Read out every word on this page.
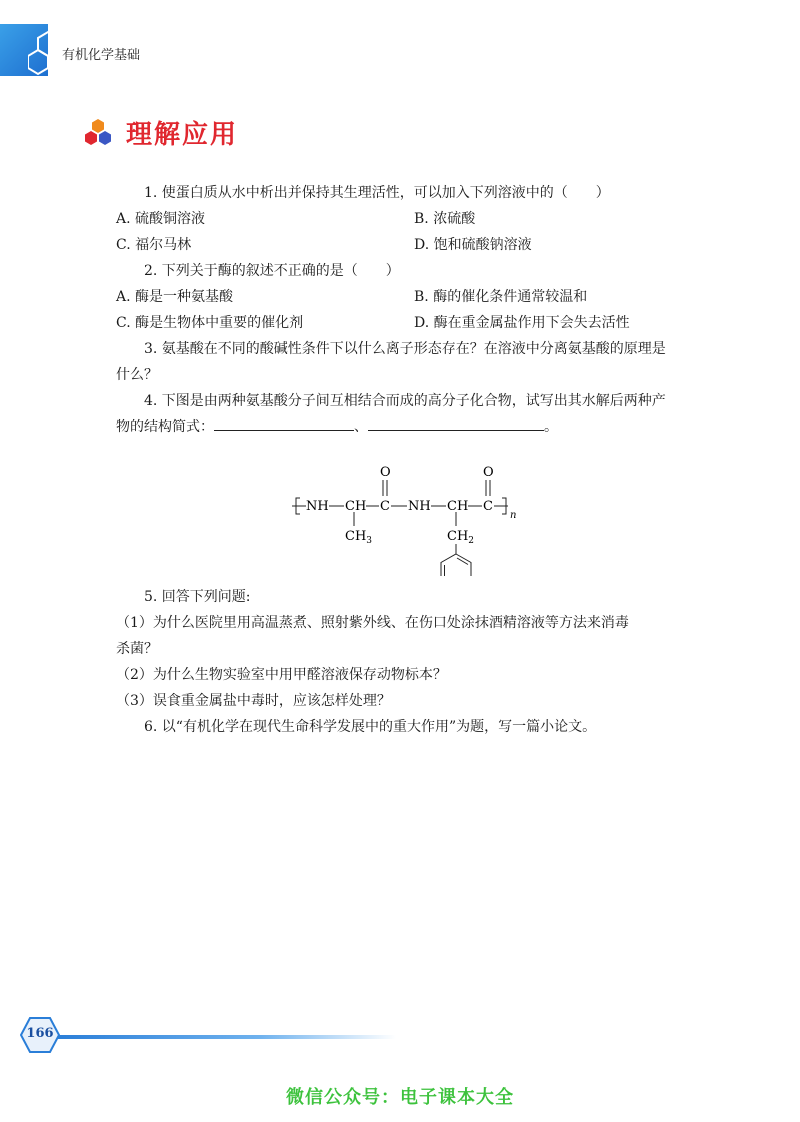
有机化学基础
理解应用

1. 使蛋白质从水中析出并保持其生理活性，可以加入下列溶液中的（　　）

A. 硫酸铜溶液	B. 浓硫酸
C. 福尔马林	D. 饱和硫酸钠溶液

2. 下列关于酶的叙述不正确的是（　　）

A. 酶是一种氨基酸	B. 酶的催化条件通常较温和
C. 酶是生物体中重要的催化剂	D. 酶在重金属盐作用下会失去活性

3. 氨基酸在不同的酸碱性条件下以什么离子形态存在？在溶液中分离氨基酸的原理是

什么？

4. 下图是由两种氨基酸分子间互相结合而成的高分子化合物，试写出其水解后两种产

物的结构简式：	、	。

NH CH C
O
$CH_3$
NH CH C
O
n
$CH_2$

5. 回答下列问题:

（1）为什么医院里用高温蒸煮、照射紫外线、在伤口处涂抹酒精溶液等方法来消毒

杀菌？

（2）为什么生物实验室中用甲醛溶液保存动物标本？

（3）误食重金属盐中毒时，应该怎样处理？

6. 以“有机化学在现代生命科学发展中的重大作用”为题，写一篇小论文。

166
微信公众号：电子课本大全
